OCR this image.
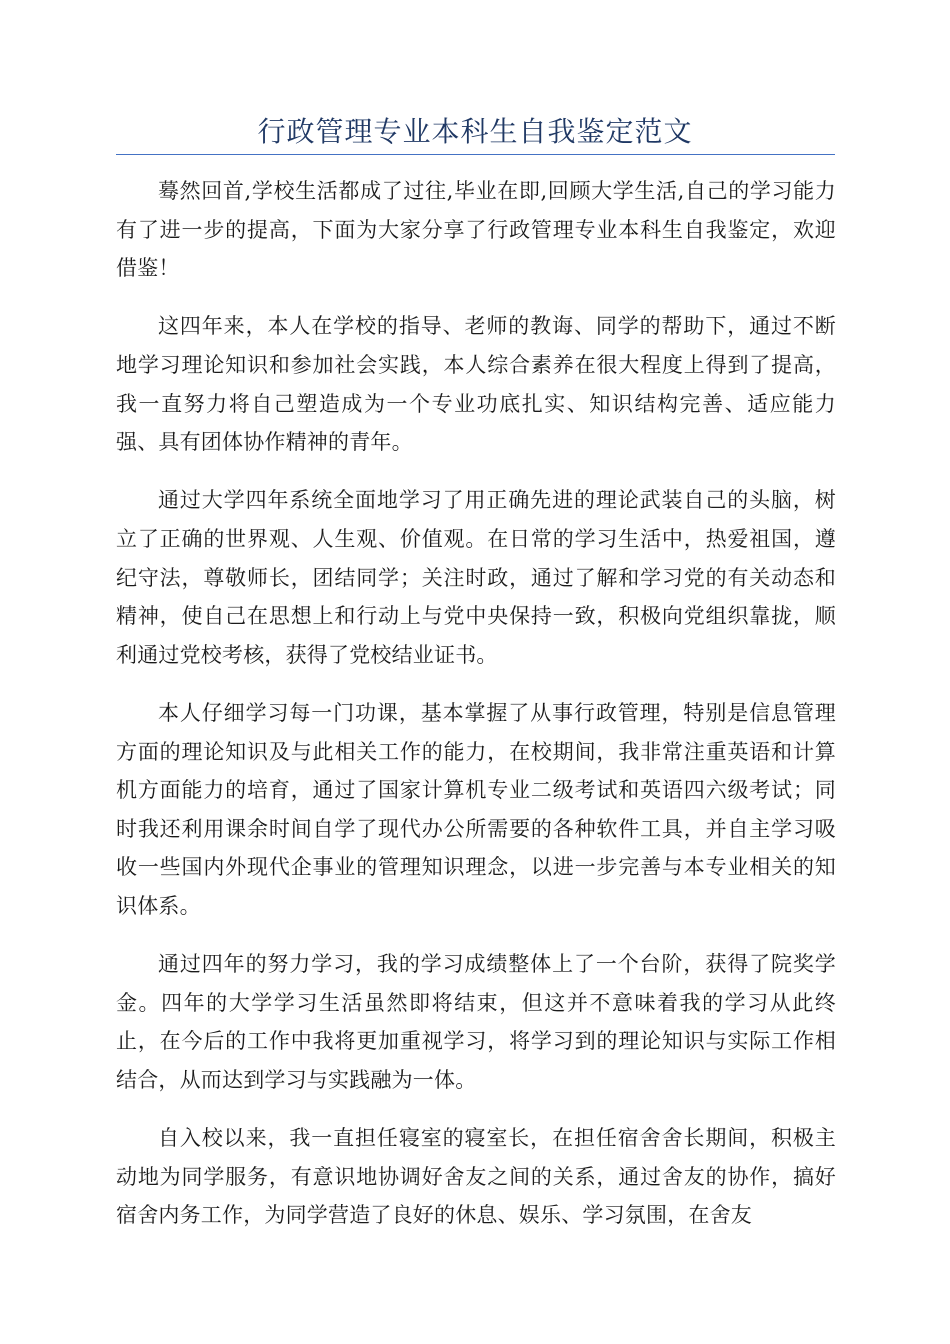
行政管理专业本科生自我鉴定范文

蓦然回首,学校生活都成了过往,毕业在即,回顾大学生活,自己的学习能力有了进一步的提高，下面为大家分享了行政管理专业本科生自我鉴定，欢迎借鉴！

这四年来，本人在学校的指导、老师的教诲、同学的帮助下，通过不断地学习理论知识和参加社会实践，本人综合素养在很大程度上得到了提高，我一直努力将自己塑造成为一个专业功底扎实、知识结构完善、适应能力强、具有团体协作精神的青年。

通过大学四年系统全面地学习了用正确先进的理论武装自己的头脑，树立了正确的世界观、人生观、价值观。在日常的学习生活中，热爱祖国，遵纪守法，尊敬师长，团结同学；关注时政，通过了解和学习党的有关动态和精神，使自己在思想上和行动上与党中央保持一致，积极向党组织靠拢，顺利通过党校考核，获得了党校结业证书。

本人仔细学习每一门功课，基本掌握了从事行政管理，特别是信息管理方面的理论知识及与此相关工作的能力，在校期间，我非常注重英语和计算机方面能力的培育，通过了国家计算机专业二级考试和英语四六级考试；同时我还利用课余时间自学了现代办公所需要的各种软件工具，并自主学习吸收一些国内外现代企事业的管理知识理念，以进一步完善与本专业相关的知识体系。

通过四年的努力学习，我的学习成绩整体上了一个台阶，获得了院奖学金。四年的大学学习生活虽然即将结束，但这并不意味着我的学习从此终止，在今后的工作中我将更加重视学习，将学习到的理论知识与实际工作相结合，从而达到学习与实践融为一体。

自入校以来，我一直担任寝室的寝室长，在担任宿舍舍长期间，积极主动地为同学服务，有意识地协调好舍友之间的关系，通过舍友的协作，搞好宿舍内务工作，为同学营造了良好的休息、娱乐、学习氛围，在舍友
